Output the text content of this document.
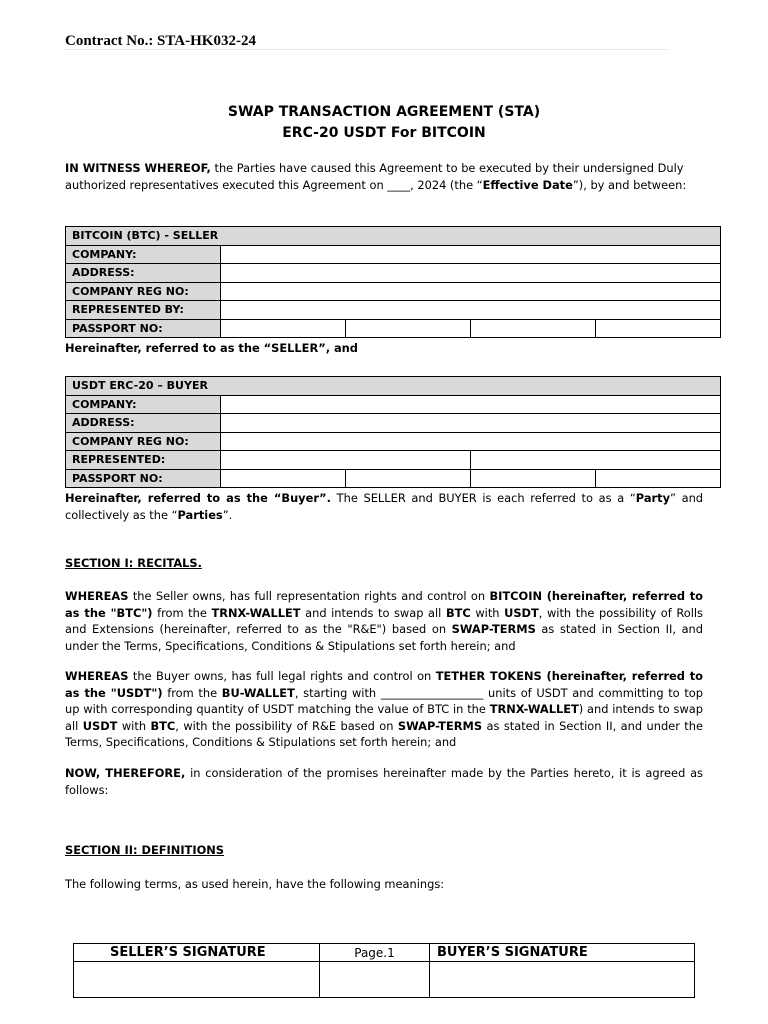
Contract No.: STA-HK032-24
SWAP TRANSACTION AGREEMENT (STA)
ERC-20 USDT For BITCOIN

IN WITNESS WHEREOF, the Parties have caused this Agreement to be executed by their undersigned Duly authorized representatives executed this Agreement on ____, 2024 (the “Effective Date”), by and between:

BITCOIN (BTC) - SELLER				
COMPANY:				
ADDRESS:				
COMPANY REG NO:				
REPRESENTED BY:				
PASSPORT NO:				
Hereinafter, referred to as the “SELLER”, and
USDT ERC-20 – BUYER				
COMPANY:				
ADDRESS:				
COMPANY REG NO:				
REPRESENTED:				
PASSPORT NO:				

Hereinafter, referred to as the “Buyer”. The SELLER and BUYER is each referred to as a “Party” and collectively as the “Parties”.

SECTION I: RECITALS.

WHEREAS the Seller owns, has full representation rights and control on BITCOIN (hereinafter, referred to as the "BTC") from the TRNX-WALLET and intends to swap all BTC with USDT, with the possibility of Rolls and Extensions (hereinafter, referred to as the "R&E") based on SWAP-TERMS as stated in Section II, and under the Terms, Specifications, Conditions & Stipulations set forth herein; and

WHEREAS the Buyer owns, has full legal rights and control on TETHER TOKENS (hereinafter, referred to as the "USDT") from the BU-WALLET, starting with __________________ units of USDT and committing to top up with corresponding quantity of USDT matching the value of BTC in the TRNX-WALLET) and intends to swap all USDT with BTC, with the possibility of R&E based on SWAP-TERMS as stated in Section II, and under the Terms, Specifications, Conditions & Stipulations set forth herein; and

NOW, THEREFORE, in consideration of the promises hereinafter made by the Parties hereto, it is agreed as follows:

SECTION II: DEFINITIONS

The following terms, as used herein, have the following meanings:

SELLER’S SIGNATURE	Page.1	BUYER’S SIGNATURE
